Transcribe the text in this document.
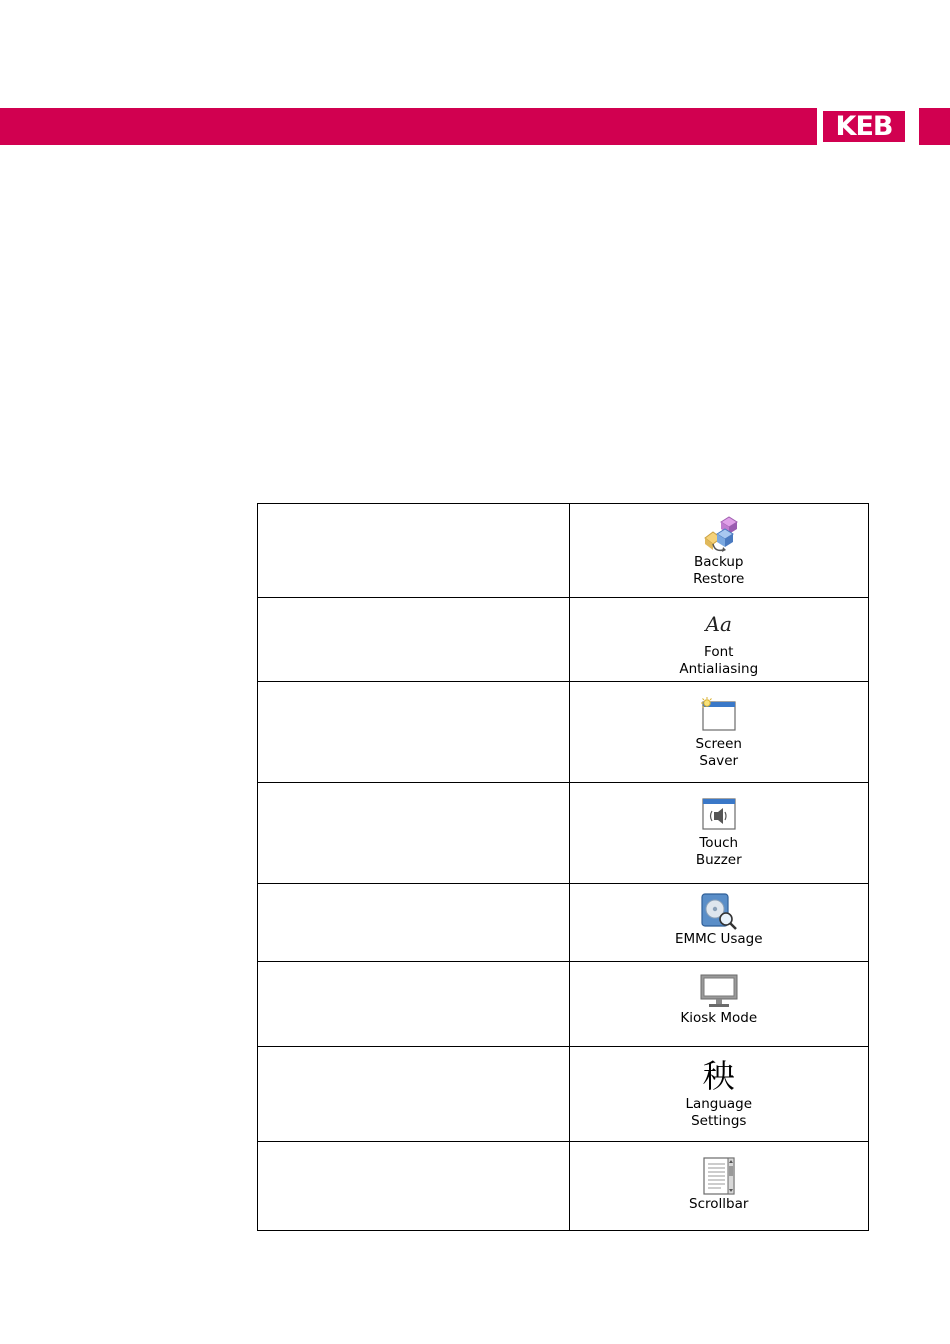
KEB

	Backup
Restore

	Aa
Font
Antialiasing

	Screen
Saver

	Touch
Buzzer

	EMMC Usage

	Kiosk Mode

	秧
Language
Settings

	Scrollbar
